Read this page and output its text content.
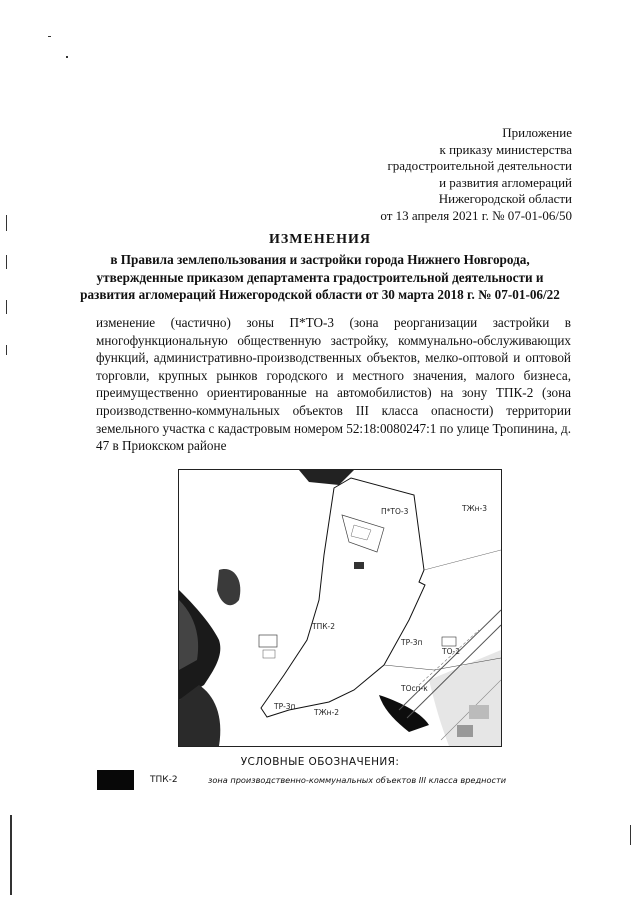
Приложение
к приказу министерства
градостроительной деятельности
и развития агломераций
Нижегородской области
от 13 апреля 2021 г. № 07-01-06/50
ИЗМЕНЕНИЯ
в Правила землепользования и застройки города Нижнего Новгорода, утвержденные приказом департамента градостроительной деятельности и развития агломераций Нижегородской области от 30 марта 2018 г. № 07-01-06/22
изменение (частично) зоны П*ТО-3 (зона реорганизации застройки в многофункциональную общественную застройку, коммунально-обслуживающих функций, административно-производственных объектов, мелко-оптовой и оптовой торговли, крупных рынков городского и местного значения, малого бизнеса, преимущественно ориентированные на автомобилистов) на зону ТПК-2 (зона производственно-коммунальных объектов III класса опасности) территории земельного участка с кадастровым номером 52:18:0080247:1 по улице Тропинина, д. 47 в Приокском районе
П*ТО-3	ТЖн-3
ТПК-2
ТР-3п
ТОсп-к
ТР-3п
ТЖн-2
ТО-2
УСЛОВНЫЕ ОБОЗНАЧЕНИЯ:
ТПК-2	зона производственно-коммунальных объектов III класса вредности
